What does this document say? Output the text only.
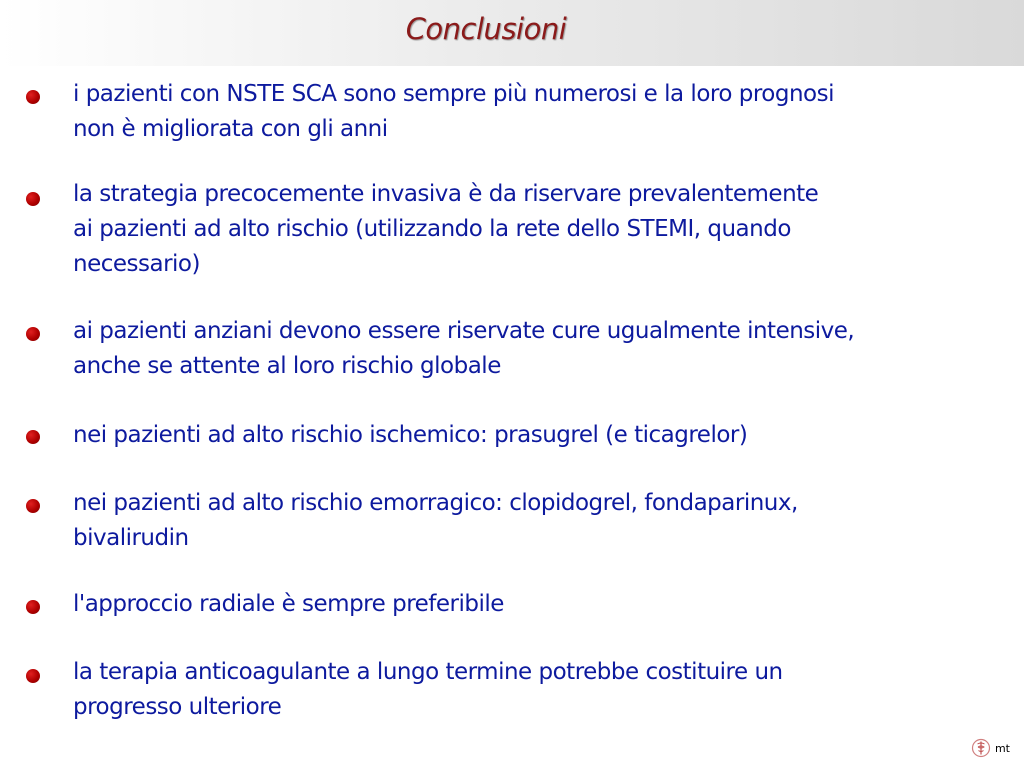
Conclusioni
i pazienti con NSTE SCA sono sempre più numerosi e la loro prognosi
non è migliorata con gli anni
la strategia precocemente invasiva è da riservare prevalentemente
ai pazienti ad alto rischio (utilizzando la rete dello STEMI, quando
necessario)
ai pazienti anziani devono essere riservate cure ugualmente intensive,
anche se attente al loro rischio globale
nei pazienti ad alto rischio ischemico: prasugrel (e ticagrelor)
nei pazienti ad alto rischio emorragico: clopidogrel, fondaparinux,
bivalirudin
l'approccio radiale è sempre preferibile
la terapia anticoagulante a lungo termine potrebbe costituire un
progresso ulteriore
mt
